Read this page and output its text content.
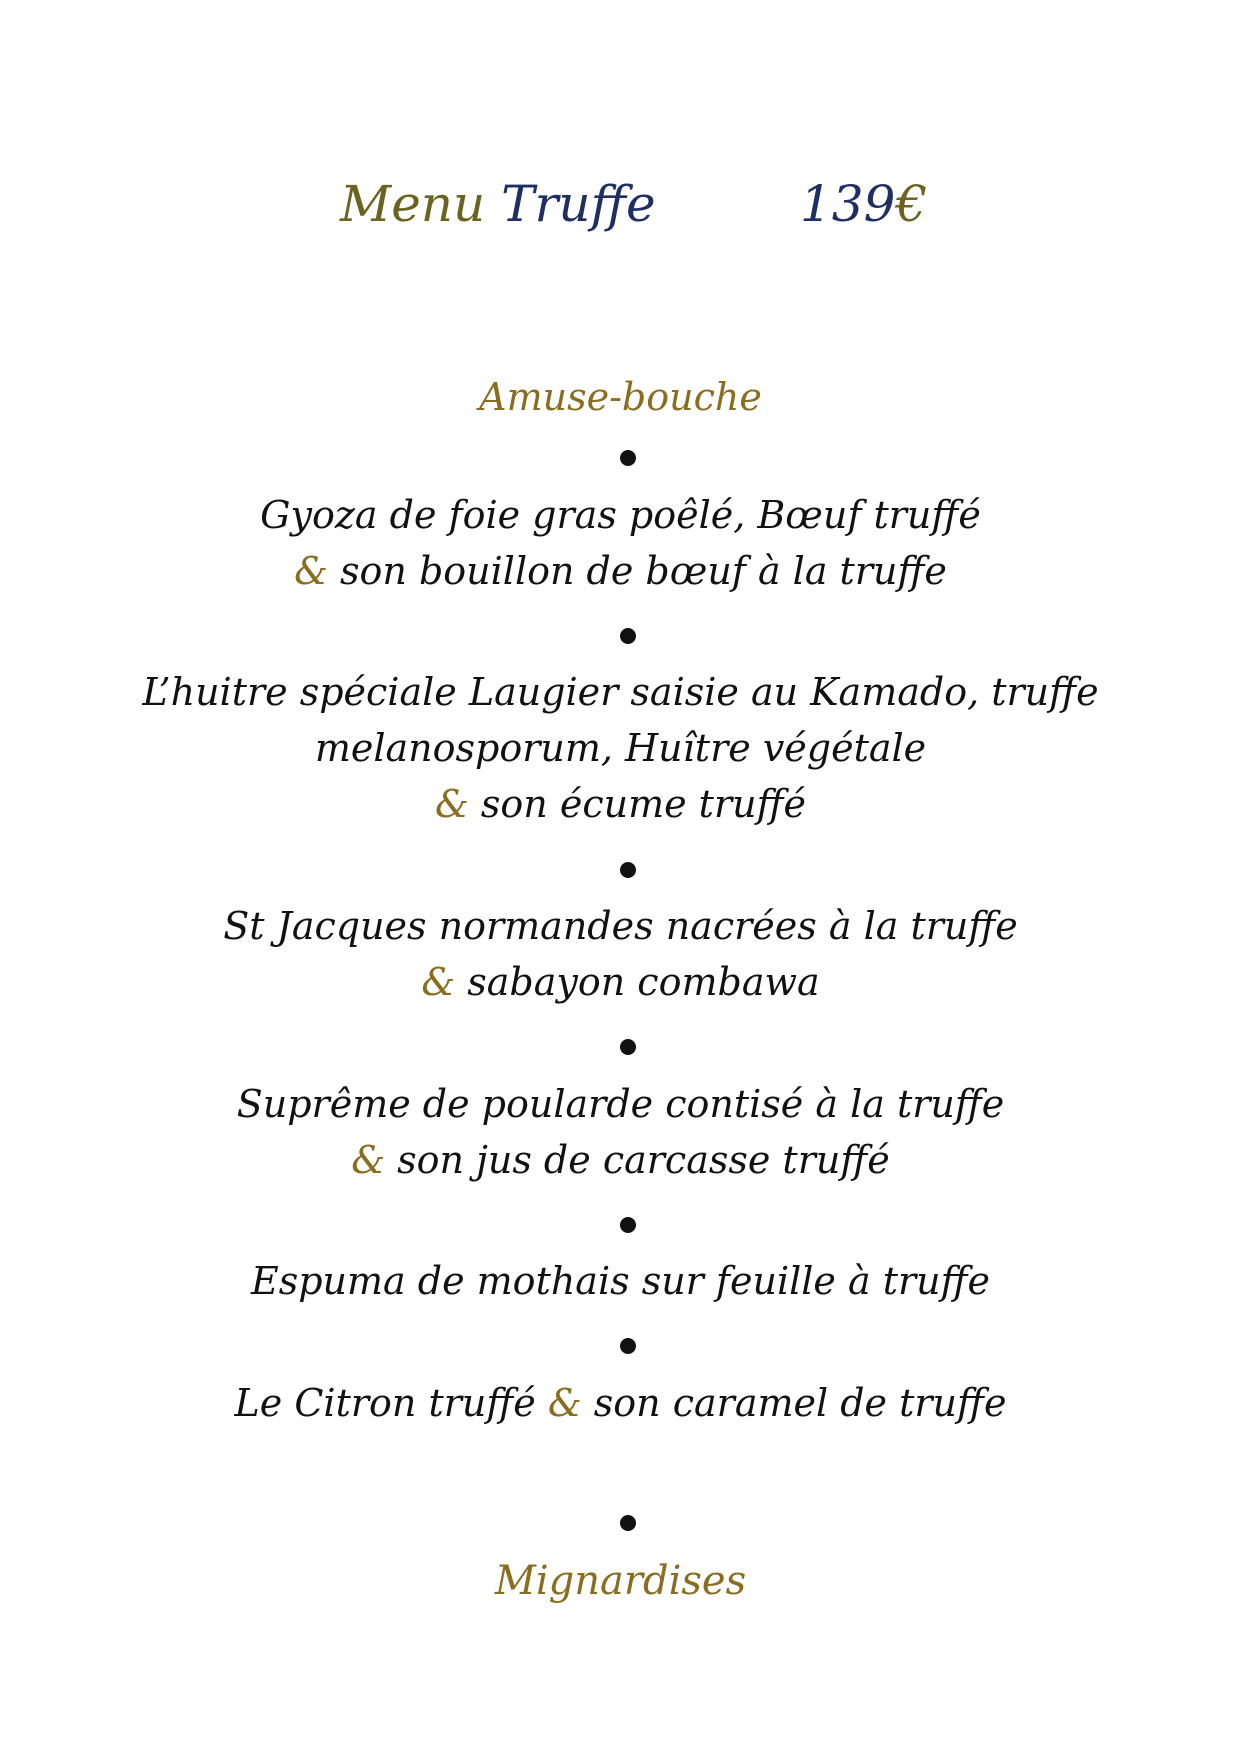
Menu Truffe	139€
Amuse-bouche
Gyoza de foie gras poêlé, Bœuf truffé
& son bouillon de bœuf à la truffe
L’huitre spéciale Laugier saisie au Kamado, truffe
melanosporum, Huître végétale
& son écume truffé
St Jacques normandes nacrées à la truffe
& sabayon combawa
Suprême de poularde contisé à la truffe
& son jus de carcasse truffé
Espuma de mothais sur feuille à truffe
Le Citron truffé & son caramel de truffe
Mignardises
